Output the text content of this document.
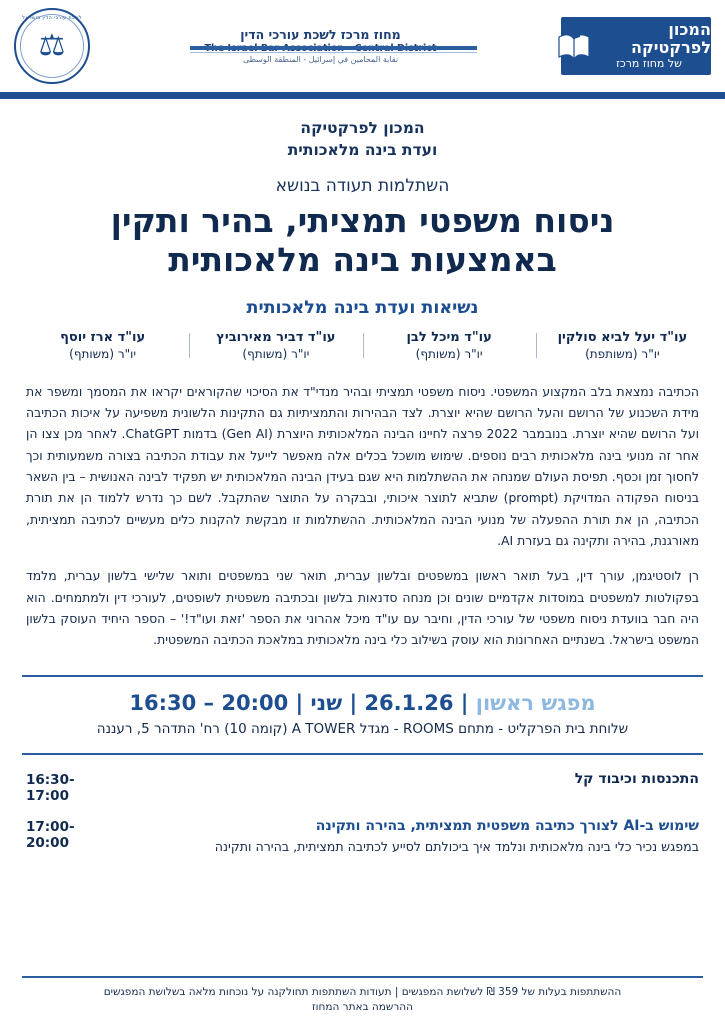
המכון לפרקטיקה
של מחוז מרכז
מחוז מרכז לשכת עורכי הדין
نقابة المحامين في إسرائيل - المنطقة الوسطى
לשכת עורכי הדין בישראל
⚖
המכון לפרקטיקה
ועדת בינה מלאכותית
השתלמות תעודה בנושא
ניסוח משפטי תמציתי, בהיר ותקין
באמצעות בינה מלאכותית
נשיאות ועדת בינה מלאכותית
עו"ד יעל לביא סולקין
יו"ר (משותפת)
עו"ד מיכל לבן
יו"ר (משותף)
עו"ד דביר מאירוביץ
יו"ר (משותף)
עו"ד ארז יוסף
יו"ר (משותף)

הכתיבה נמצאת בלב המקצוע המשפטי. ניסוח משפטי תמציתי ובהיר מנדי"ד את הסיכוי שהקוראים יקראו את המסמך ומשפר את מידת השכנוע של הרושם והעל הרושם שהיא יוצרת. לצד הבהירות והתמציתיות גם התקינות הלשונית משפיעה על איכות הכתיבה ועל הרושם שהיא יוצרת. בנובמבר 2022 פרצה לחיינו הבינה המלאכותית היוצרת (Gen AI) בדמות ChatGPT. לאחר מכן צצו הן אחר זה מנועי בינה מלאכותית רבים נוספים. שימוש מושכל בכלים אלה מאפשר לייעל את עבודת הכתיבה בצורה משמעותית וכך לחסוך זמן וכסף. תפיסת העולם שמנחה את ההשתלמות היא שגם בעידן הבינה המלאכותית יש תפקיד לבינה האנושית – בין השאר בניסוח הפקודה המדויקת (prompt) שתביא לתוצר איכותי, ובבקרה על התוצר שהתקבל. לשם כך נדרש ללמוד הן את תורת הכתיבה, הן את תורת ההפעלה של מנועי הבינה המלאכותית. ההשתלמות זו מבקשת להקנות כלים מעשיים לכתיבה תמציתית, מאורגנת, בהירה ותקינה גם בעזרת AI.

רן לוסטיגמן, עורך דין, בעל תואר ראשון במשפטים ובלשון עברית, תואר שני במשפטים ותואר שלישי בלשון עברית, מלמד בפקולטות למשפטים במוסדות אקדמיים שונים וכן מנחה סדנאות בלשון ובכתיבה משפטית לשופטים, לעורכי דין ולמתמחים. הוא היה חבר בוועדת ניסוח משפטי של עורכי הדין, וחיבר עם עו"ד מיכל אהרוני את הספר 'זאת ועו"ד!' – הספר היחיד העוסק בלשון המשפט בישראל. בשנתיים האחרונות הוא עוסק בשילוב כלי בינה מלאכותית במלאכת הכתיבה המשפטית.

מפגש ראשון | 26.1.26 | שני | 20:00 – 16:30
שלוחת בית הפרקליט - מתחם ROOMS - מגדל A TOWER (קומה 10) רח' התדהר 5, רעננה
התכנסות וכיבוד קל
16:30-17:00
שימוש ב-AI לצורך כתיבה משפטית תמציתית, בהירה ותקינה
במפגש נכיר כלי בינה מלאכותית ונלמד איך ביכולתם לסייע לכתיבה תמציתית, בהירה ותקינה
17:00-20:00
ההשתתפות בעלות של 359 ₪ לשלושת המפגשים | תעודות השתתפות תחולקנה על נוכחות מלאה בשלושת המפגשים
ההרשמה באתר המחוז
